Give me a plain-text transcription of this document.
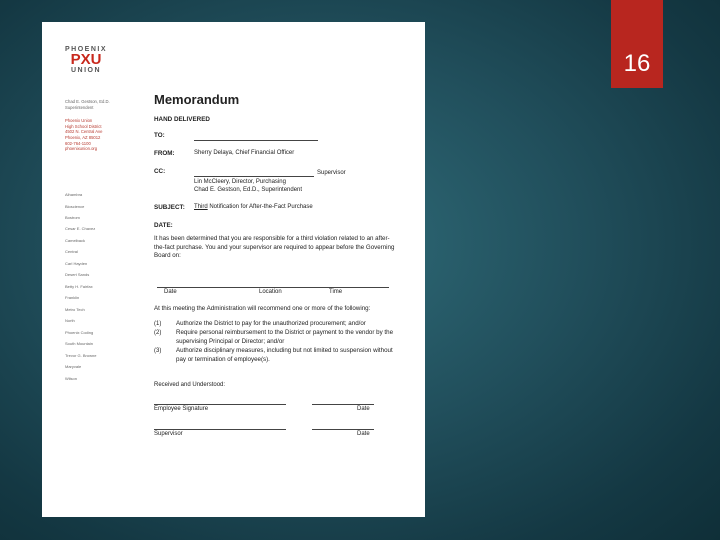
16
PHOENIX
PXU
UNION
Chad E. Gestson, Ed.D.
Superintendent
Phoenix Union
High School District
4502 N. Central Ave
Phoenix, AZ 85012
602-764-1100
phoenixunion.org
Alhambra
Bioscience
Bostrom
Cesar E. Chavez
Camelback
Central
Carl Hayden
Desert Sands
Betty H. Fairfax
Franklin
Metro Tech
North
Phoenix Coding
South Mountain
Trevor G. Browne
Maryvale
Wilson
Memorandum
HAND DELIVERED
TO:
FROM:	Sherry Delaya, Chief Financial Officer
CC:	Supervisor
Lin McCleery, Director, Purchasing
Chad E. Gestson, Ed.D., Superintendent
SUBJECT: Third Notification for After-the-Fact Purchase
DATE:
It has been determined that you are responsible for a third violation related to an after-the-fact purchase. You and your supervisor are required to appear before the Governing Board on:
Date	Location	Time
At this meeting the Administration will recommend one or more of the following:
(1) Authorize the District to pay for the unauthorized procurement; and/or
(2) Require personal reimbursement to the District or payment to the vendor by the supervising Principal or Director; and/or
(3) Authorize disciplinary measures, including but not limited to suspension without pay or termination of employee(s).
Received and Understood:
Employee Signature	Date
Supervisor	Date
